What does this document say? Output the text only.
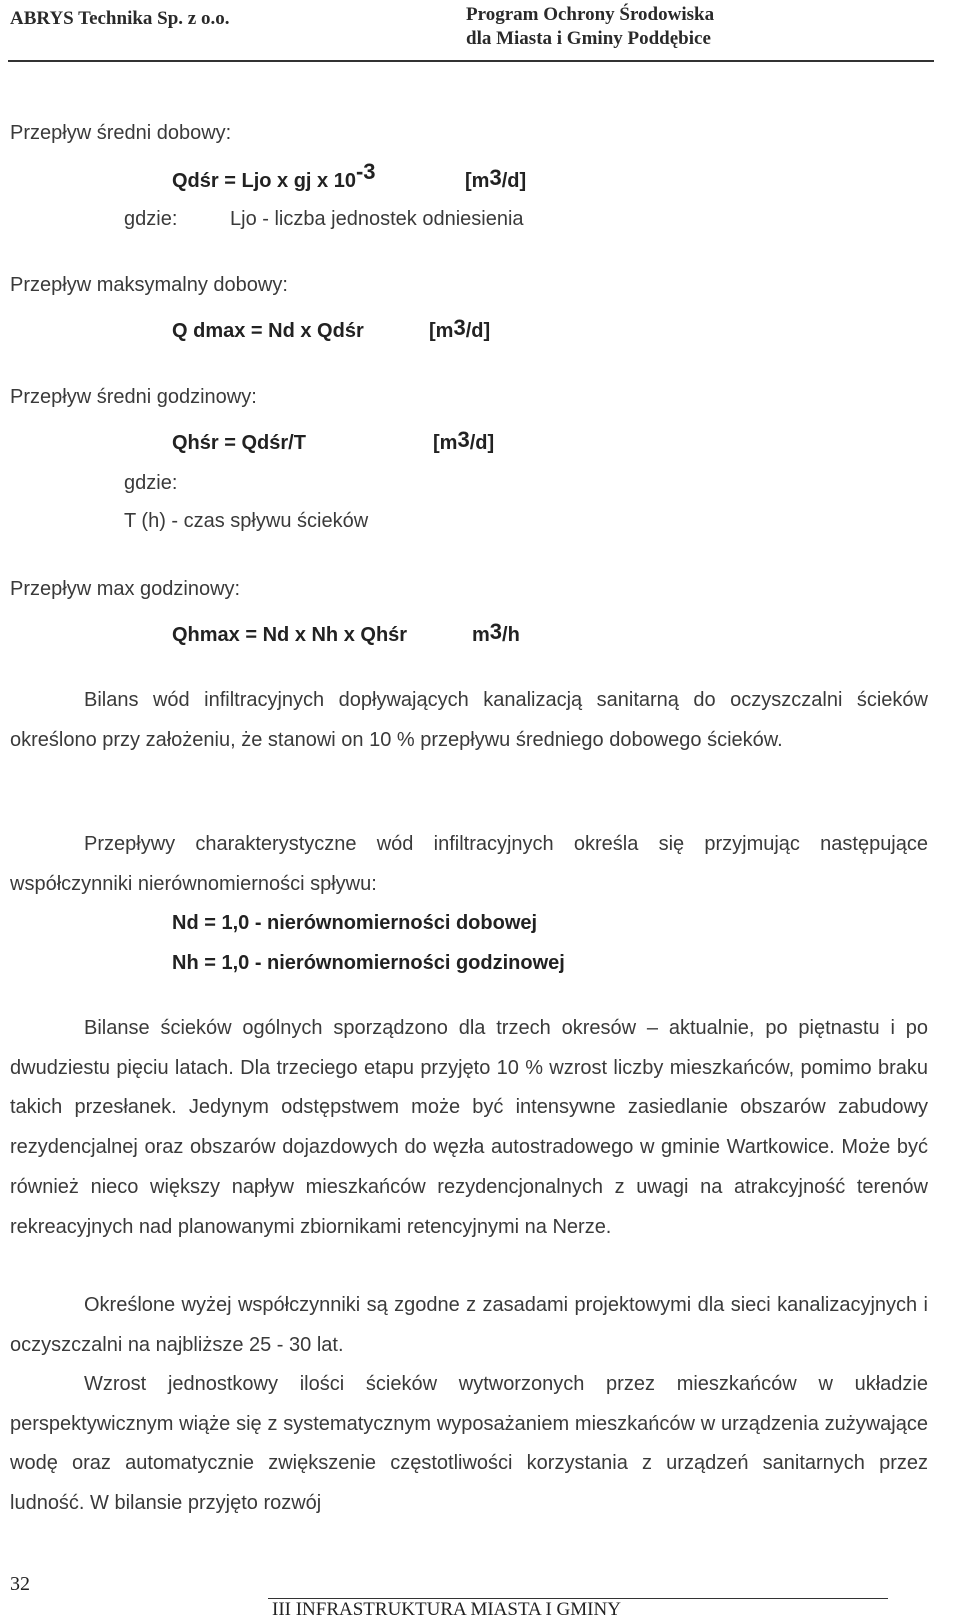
ABRYS Technika Sp. z o.o.	Program Ochrony Środowiska
dla Miasta i Gminy Poddębice
Przepływ średni dobowy:
Qdśr = Ljo x gj x $10^{-3}$	$[m^3/d]$
gdzie:	Ljo - liczba jednostek odniesienia
Przepływ maksymalny dobowy:
Q dmax = Nd x Qdśr	$[m^3/d]$
Przepływ średni godzinowy:
Qhśr = Qdśr/T	$[m^3/d]$
gdzie:
T (h) - czas spływu ścieków
Przepływ max godzinowy:
Qhmax = Nd x Nh x Qhśr	$m^3/h$
Bilans wód infiltracyjnych dopływających kanalizacją sanitarną do oczyszczalni ścieków określono przy założeniu, że stanowi on 10 % przepływu średniego dobowego ścieków.
Przepływy charakterystyczne wód infiltracyjnych określa się przyjmując następujące współczynniki nierównomierności spływu:
Nd = 1,0 - nierównomierności dobowej
Nh = 1,0 - nierównomierności godzinowej
Bilanse ścieków ogólnych sporządzono dla trzech okresów – aktualnie, po piętnastu i po dwudziestu pięciu latach. Dla trzeciego etapu przyjęto 10 % wzrost liczby mieszkańców, pomimo braku takich przesłanek. Jedynym odstępstwem może być intensywne zasiedlanie obszarów zabudowy rezydencjalnej oraz obszarów dojazdowych do węzła autostradowego w gminie Wartkowice. Może być również nieco większy napływ mieszkańców rezydencjonalnych z uwagi na atrakcyjność terenów rekreacyjnych nad planowanymi zbiornikami retencyjnymi na Nerze.
Określone wyżej współczynniki są zgodne z zasadami projektowymi dla sieci kanalizacyjnych i oczyszczalni na najbliższe 25 - 30 lat.
Wzrost jednostkowy ilości ścieków wytworzonych przez mieszkańców w układzie perspektywicznym wiąże się z systematycznym wyposażaniem mieszkańców w urządzenia zużywające wodę oraz automatycznie zwiększenie częstotliwości korzystania z urządzeń sanitarnych przez ludność. W bilansie przyjęto rozwój
32
III INFRASTRUKTURA MIASTA I GMINY
